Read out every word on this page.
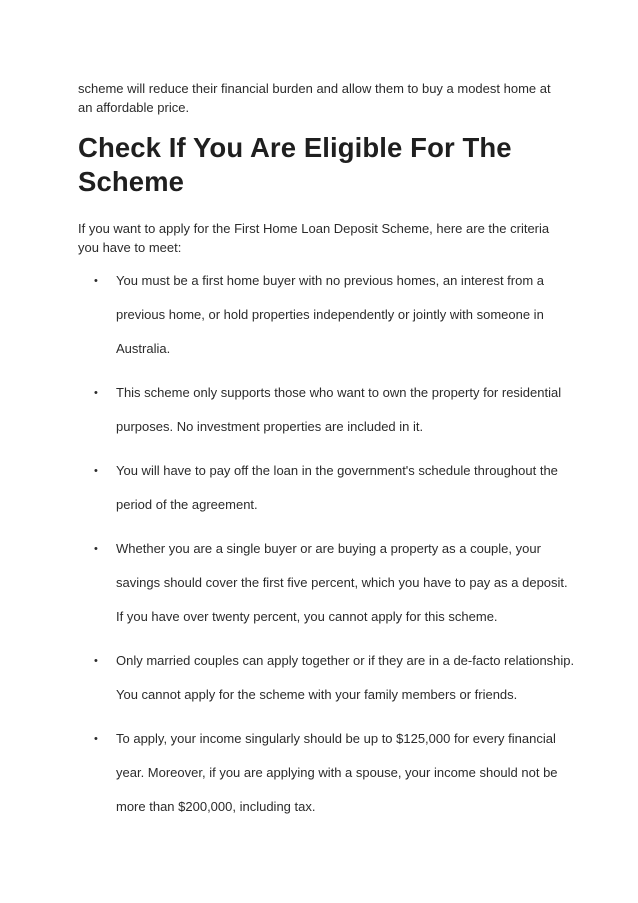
scheme will reduce their financial burden and allow them to buy a modest home at an affordable price.

Check If You Are Eligible For The Scheme

If you want to apply for the First Home Loan Deposit Scheme, here are the criteria you have to meet:

• You must be a first home buyer with no previous homes, an interest from a previous home, or hold properties independently or jointly with someone in Australia.
• This scheme only supports those who want to own the property for residential purposes. No investment properties are included in it.
• You will have to pay off the loan in the government's schedule throughout the period of the agreement.
• Whether you are a single buyer or are buying a property as a couple, your savings should cover the first five percent, which you have to pay as a deposit. If you have over twenty percent, you cannot apply for this scheme.
• Only married couples can apply together or if they are in a de-facto relationship. You cannot apply for the scheme with your family members or friends.
• To apply, your income singularly should be up to $125,000 for every financial year. Moreover, if you are applying with a spouse, your income should not be more than $200,000, including tax.
